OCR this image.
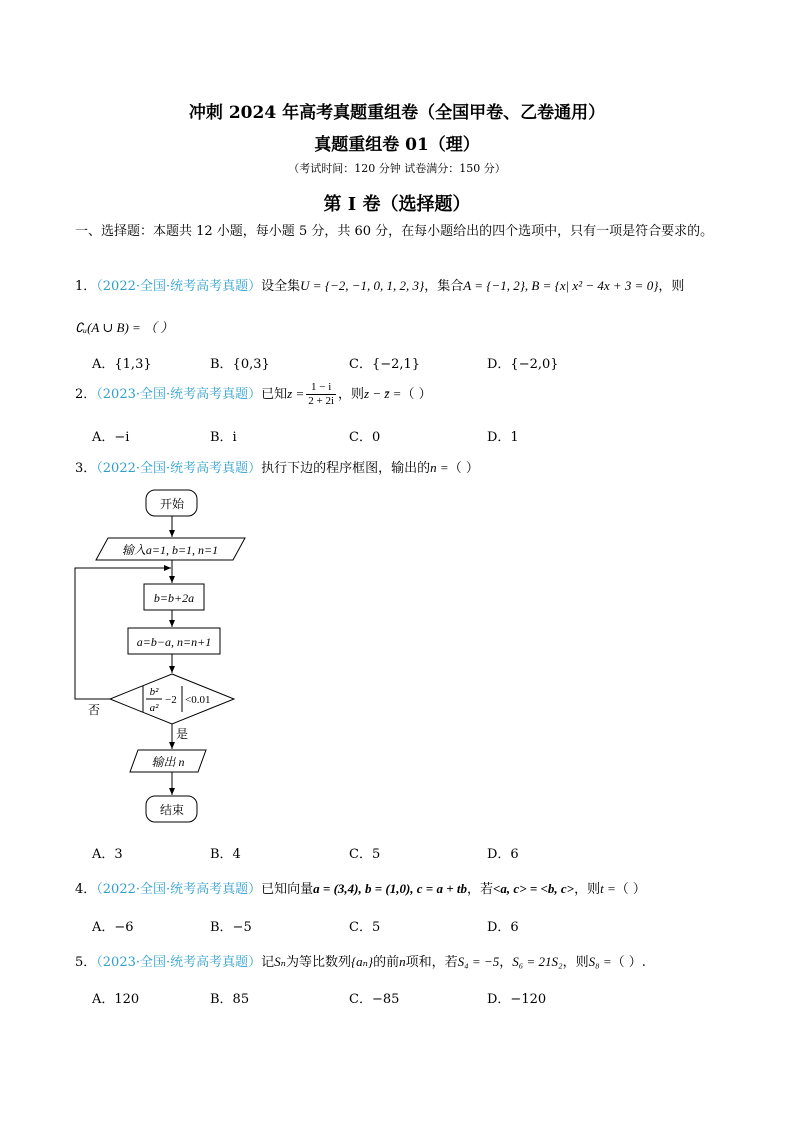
冲刺 2024 年高考真题重组卷（全国甲卷、乙卷通用）
真题重组卷 01（理）
（考试时间：120 分钟 试卷满分：150 分）
第 I 卷（选择题）
一、选择题：本题共 12 小题，每小题 5 分，共 60 分，在每小题给出的四个选项中，只有一项是符合要求的。
1．（2022·全国·统考高考真题）设全集U = {−2, −1, 0, 1, 2, 3}，集合A = {−1, 2}, B = {x| x² − 4x + 3 = 0}，则
∁ᵤ(A ∪ B) = （ ）
A．{1,3}	B．{0,3}	C．{−2,1}	D．{−2,0}
2．（2023·全国·统考高考真题）已知$z = \frac{1 - i}{2 + 2i}$ ，则z − z̄ =（ ）
A．−i	B．i	C．0	D．1
3．（2022·全国·统考高考真题）执行下边的程序框图，输出的n =（ ）
开始
输入a=1, b=1, n=1
b=b+2a
a=b−a, n=n+1
b²
a²
−2 <0.01
否
是
输出 n
结束
A．3	B．4	C．5	D．6
4．（2022·全国·统考高考真题）已知向量a = (3,4), b = (1,0), c = a + tb，若<a, c> = <b, c>，则t =（ ）
A．−6	B．−5	C．5	D．6
5．（2023·全国·统考高考真题）记Sₙ为等比数列{aₙ}的前n项和，若S₄ = −5，S₆ = 21S₂，则S₈ =（ ）.
A．120	B．85	C．−85	D．−120
